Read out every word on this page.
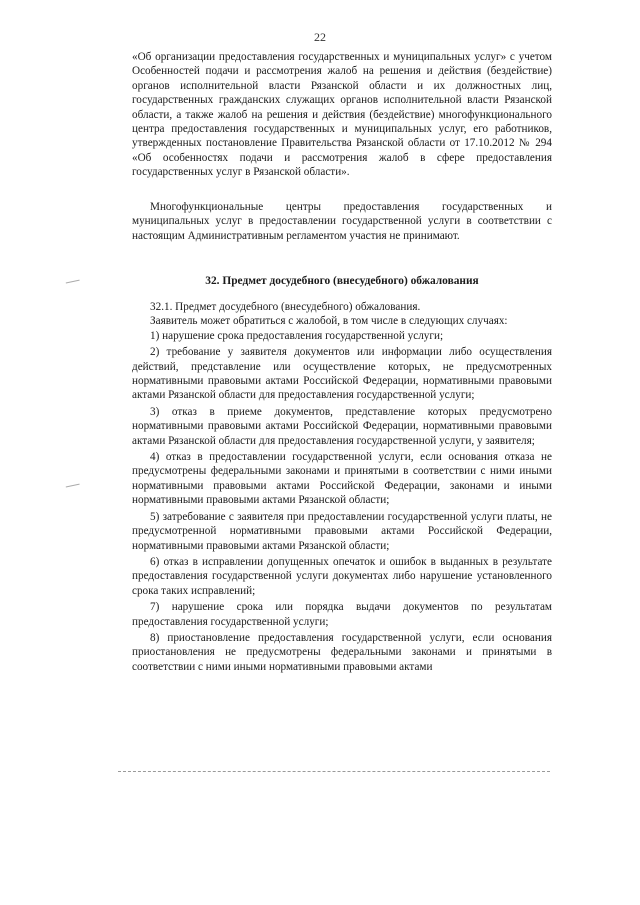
22

«Об организации предоставления государственных и муниципальных услуг» с учетом Особенностей подачи и рассмотрения жалоб на решения и действия (бездействие) органов исполнительной власти Рязанской области и их должностных лиц, государственных гражданских служащих органов исполнительной власти Рязанской области, а также жалоб на решения и действия (бездействие) многофункционального центра предоставления государственных и муниципальных услуг, его работников, утвержденных постановление Правительства Рязанской области от 17.10.2012 № 294 «Об особенностях подачи и рассмотрения жалоб в сфере предоставления государственных услуг в Рязанской области».

Многофункциональные центры предоставления государственных и муниципальных услуг в предоставлении государственной услуги в соответствии с настоящим Административным регламентом участия не принимают.

32. Предмет досудебного (внесудебного) обжалования

32.1. Предмет досудебного (внесудебного) обжалования.

Заявитель может обратиться с жалобой, в том числе в следующих случаях:

1) нарушение срока предоставления государственной услуги;

2) требование у заявителя документов или информации либо осуществления действий, представление или осуществление которых, не предусмотренных нормативными правовыми актами Российской Федерации, нормативными правовыми актами Рязанской области для предоставления государственной услуги;

3) отказ в приеме документов, представление которых предусмотрено нормативными правовыми актами Российской Федерации, нормативными правовыми актами Рязанской области для предоставления государственной услуги, у заявителя;

4) отказ в предоставлении государственной услуги, если основания отказа не предусмотрены федеральными законами и принятыми в соответствии с ними иными нормативными правовыми актами Российской Федерации, законами и иными нормативными правовыми актами Рязанской области;

5) затребование с заявителя при предоставлении государственной услуги платы, не предусмотренной нормативными правовыми актами Российской Федерации, нормативными правовыми актами Рязанской области;

6) отказ в исправлении допущенных опечаток и ошибок в выданных в результате предоставления государственной услуги документах либо нарушение установленного срока таких исправлений;

7) нарушение срока или порядка выдачи документов по результатам предоставления государственной услуги;

8) приостановление предоставления государственной услуги, если основания приостановления не предусмотрены федеральными законами и принятыми в соответствии с ними иными нормативными правовыми актами
